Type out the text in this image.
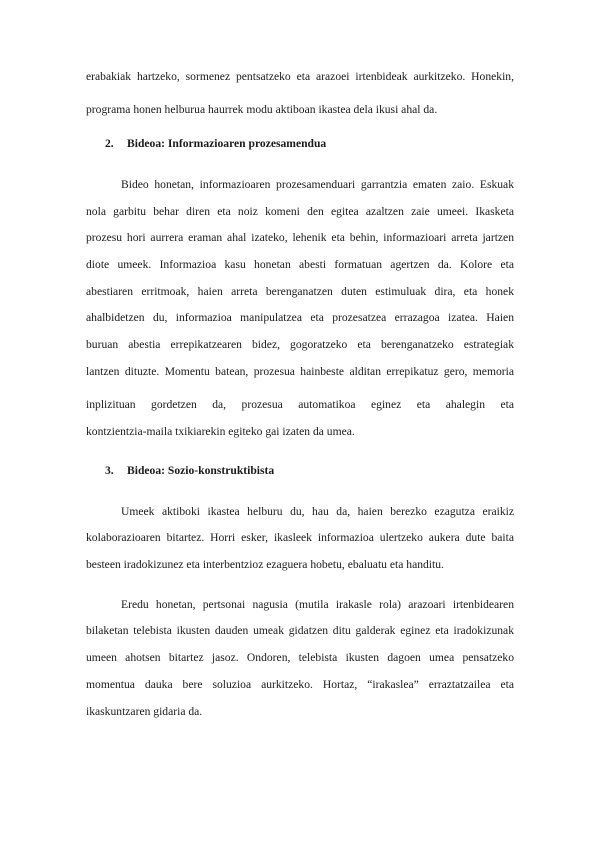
erabakiak hartzeko, sormenez pentsatzeko eta arazoei irtenbideak aurkitzeko. Honekin,
programa honen helburua haurrek modu aktiboan ikastea dela ikusi ahal da.
2. Bideoa: Informazioaren prozesamendua
Bideo honetan, informazioaren prozesamenduari garrantzia ematen zaio. Eskuak
nola garbitu behar diren eta noiz komeni den egitea azaltzen zaie umeei. Ikasketa
prozesu hori aurrera eraman ahal izateko, lehenik eta behin, informazioari arreta jartzen
diote umeek. Informazioa kasu honetan abesti formatuan agertzen da. Kolore eta
abestiaren erritmoak, haien arreta berenganatzen duten estimuluak dira, eta honek
ahalbidetzen du, informazioa manipulatzea eta prozesatzea errazagoa izatea. Haien
buruan abestia errepikatzearen bidez, gogoratzeko eta berenganatzeko estrategiak
lantzen dituzte. Momentu batean, prozesua hainbeste alditan errepikatuz gero, memoria
inplizituan gordetzen da, prozesua automatikoa eginez eta ahalegin eta
kontzientzia-maila txikiarekin egiteko gai izaten da umea.
3. Bideoa: Sozio-konstruktibista
Umeek aktiboki ikastea helburu du, hau da, haien berezko ezagutza eraikiz
kolaborazioaren bitartez. Horri esker, ikasleek informazioa ulertzeko aukera dute baita
besteen iradokizunez eta interbentzioz ezaguera hobetu, ebaluatu eta handitu.
Eredu honetan, pertsonai nagusia (mutila irakasle rola) arazoari irtenbidearen
bilaketan telebista ikusten dauden umeak gidatzen ditu galderak eginez eta iradokizunak
umeen ahotsen bitartez jasoz. Ondoren, telebista ikusten dagoen umea pensatzeko
momentua dauka bere soluzioa aurkitzeko. Hortaz, “irakaslea” erraztatzailea eta
ikaskuntzaren gidaria da.
